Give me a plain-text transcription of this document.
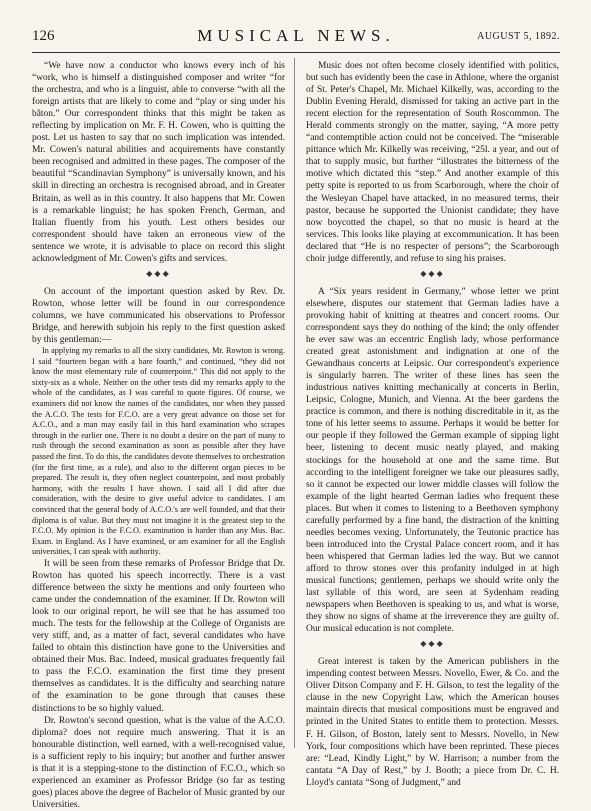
126	MUSICAL NEWS.	AUGUST 5, 1892.

“We have now a conductor who knows every inch of his “work, who is himself a distinguished composer and writer “for the orchestra, and who is a linguist, able to converse “with all the foreign artists that are likely to come and “play or sing under his bâton.” Our correspondent thinks that this might be taken as reflecting by implication on Mr. F. H. Cowen, who is quitting the post. Let us hasten to say that no such implication was intended. Mr. Cowen's natural abilities and acquirements have constantly been recognised and admitted in these pages. The composer of the beautiful “Scandinavian Symphony” is universally known, and his skill in directing an orchestra is recognised abroad, and in Greater Britain, as well as in this country. It also happens that Mr. Cowen is a remarkable linguist; he has spoken French, German, and Italian fluently from his youth. Lest others besides our correspondent should have taken an erroneous view of the sentence we wrote, it is advisable to place on record this slight acknowledgment of Mr. Cowen's gifts and services.

◆◆◆

On account of the important question asked by Rev. Dr. Rowton, whose letter will be found in our correspondence columns, we have communicated his observations to Professor Bridge, and herewith subjoin his reply to the first question asked by this gentleman:—

In applying my remarks to all the sixty candidates, Mr. Rowton is wrong. I said “fourteen began with a bare fourth,” and continued, “they did not know the most elementary rule of counterpoint.” This did not apply to the sixty-six as a whole. Neither on the other tests did my remarks apply to the whole of the candidates, as I was careful to quote figures. Of course, we examiners did not know the names of the candidates, nor when they passed the A.C.O. The tests for F.C.O. are a very great advance on those set for A.C.O., and a man may easily fail in this hard examination who scrapes through in the earlier one. There is no doubt a desire on the part of many to rush through the second examination as soon as possible after they have passed the first. To do this, the candidates devote themselves to orchestration (for the first time, as a rule), and also to the different organ pieces to be prepared. The result is, they often neglect counterpoint, and most probably harmony, with the results I have shown. I said all I did after due consideration, with the desire to give useful advice to candidates. I am convinced that the general body of A.C.O.'s are well founded, and that their diploma is of value. But they must not imagine it is the greatest step to the F.C.O. My opinion is the F.C.O. examination is harder than any Mus. Bac. Exam. in England. As I have examined, or am examiner for all the English universities, I can speak with authority.

It will be seen from these remarks of Professor Bridge that Dr. Rowton has quoted his speech incorrectly. There is a vast difference between the sixty he mentions and only fourteen who came under the condemnation of the examiner. If Dr. Rowton will look to our original report, he will see that he has assumed too much. The tests for the fellowship at the College of Organists are very stiff, and, as a matter of fact, several candidates who have failed to obtain this distinction have gone to the Universities and obtained their Mus. Bac. Indeed, musical graduates frequently fail to pass the F.C.O. examination the first time they present themselves as candidates. It is the difficulty and searching nature of the examination to be gone through that causes these distinctions to be so highly valued.

Dr. Rowton's second question, what is the value of the A.C.O. diploma? does not require much answering. That it is an honourable distinction, well earned, with a well-recognised value, is a sufficient reply to his inquiry; but another and further answer is that it is a stepping-stone to the distinction of F.C.O., which so experienced an examiner as Professor Bridge (so far as testing goes) places above the degree of Bachelor of Music granted by our Universities.

Music does not often become closely identified with politics, but such has evidently been the case in Athlone, where the organist of St. Peter's Chapel, Mr. Michael Kilkelly, was, according to the Dublin Evening Herald, dismissed for taking an active part in the recent election for the representation of South Roscommon. The Herald comments strongly on the matter, saying, “A more petty “and contemptible action could not be conceived. The “miserable pittance which Mr. Kilkelly was receiving, “25l. a year, and out of that to supply music, but further “illustrates the bitterness of the motive which dictated this “step.” And another example of this petty spite is reported to us from Scarborough, where the choir of the Wesleyan Chapel have attacked, in no measured terms, their pastor, because he supported the Unionist candidate; they have now boycotted the chapel, so that no music is heard at the services. This looks like playing at excommunication. It has been declared that “He is no respecter of persons”; the Scarborough choir judge differently, and refuse to sing his praises.

◆◆◆

A “Six years resident in Germany,” whose letter we print elsewhere, disputes our statement that German ladies have a provoking habit of knitting at theatres and concert rooms. Our correspondent says they do nothing of the kind; the only offender he ever saw was an eccentric English lady, whose performance created great astonishment and indignation at one of the Gewandhaus concerts at Leipsic. Our correspondent's experience is singularly barren. The writer of these lines has seen the industrious natives knitting mechanically at concerts in Berlin, Leipsic, Cologne, Munich, and Vienna. At the beer gardens the practice is common, and there is nothing discreditable in it, as the tone of his letter seems to assume. Perhaps it would be better for our people if they followed the German example of sipping light beer, listening to decent music neatly played, and making stockings for the household at one and the same time. But according to the intelligent foreigner we take our pleasures sadly, so it cannot be expected our lower middle classes will follow the example of the light hearted German ladies who frequent these places. But when it comes to listening to a Beethoven symphony carefully performed by a fine band, the distraction of the knitting needles becomes vexing. Unfortunately, the Teutonic practice has been introduced into the Crystal Palace concert room, and it has been whispered that German ladies led the way. But we cannot afford to throw stones over this profanity indulged in at high musical functions; gentlemen, perhaps we should write only the last syllable of this word, are seen at Sydenham reading newspapers when Beethoven is speaking to us, and what is worse, they show no signs of shame at the irreverence they are guilty of. Our musical education is not complete.

◆◆◆

Great interest is taken by the American publishers in the impending contest between Messrs. Novello, Ewer, & Co. and the Oliver Ditson Company and F. H. Gilson, to test the legality of the clause in the new Copyright Law, which the American houses maintain directs that musical compositions must be engraved and printed in the United States to entitle them to protection. Messrs. F. H. Gilson, of Boston, lately sent to Messrs. Novello, in New York, four compositions which have been reprinted. These pieces are: “Lead, Kindly Light,” by W. Harrison; a number from the cantata “A Day of Rest,” by J. Booth; a piece from Dr. C. H. Lloyd's cantata “Song of Judgment,” and
